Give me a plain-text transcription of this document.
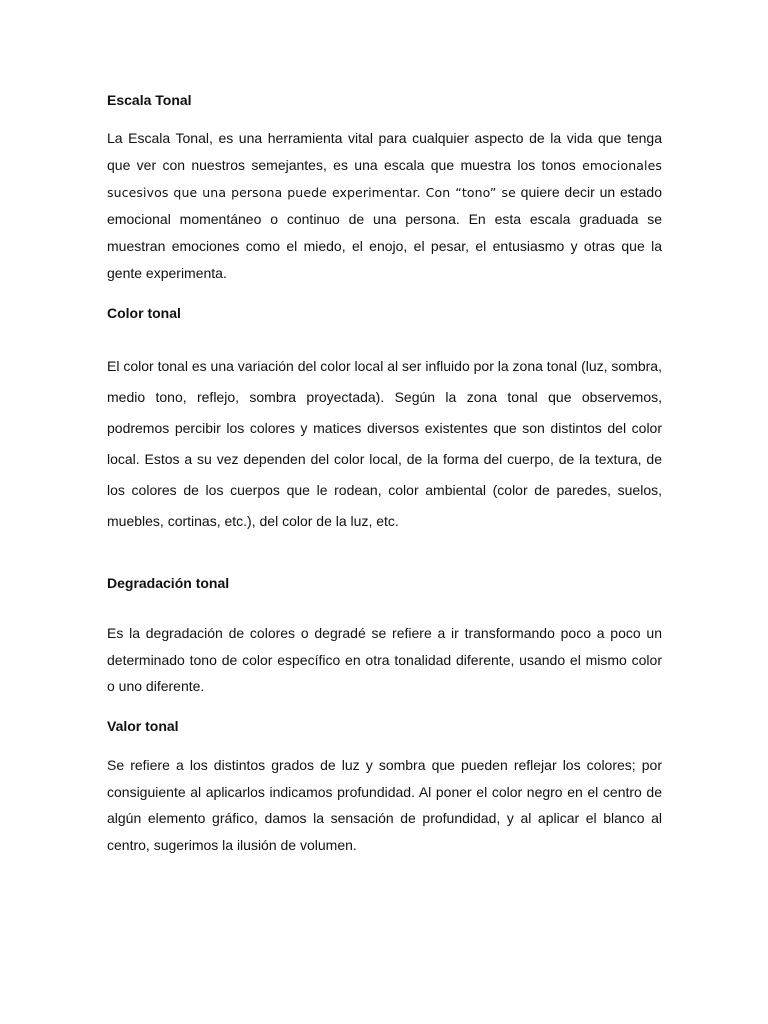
Escala Tonal

La Escala Tonal, es una herramienta vital para cualquier aspecto de la vida que tenga que ver con nuestros semejantes, es una escala que muestra los tonos emocionales sucesivos que una persona puede experimentar. Con “tono” se quiere decir un estado emocional momentáneo o continuo de una persona. En esta escala graduada se muestran emociones como el miedo, el enojo, el pesar, el entusiasmo y otras que la gente experimenta.

Color tonal

El color tonal es una variación del color local al ser influido por la zona tonal (luz, sombra, medio tono, reflejo, sombra proyectada). Según la zona tonal que observemos, podremos percibir los colores y matices diversos existentes que son distintos del color local. Estos a su vez dependen del color local, de la forma del cuerpo, de la textura, de los colores de los cuerpos que le rodean, color ambiental (color de paredes, suelos, muebles, cortinas, etc.), del color de la luz, etc.

Degradación tonal

Es la degradación de colores o degradé se refiere a ir transformando poco a poco un determinado tono de color específico en otra tonalidad diferente, usando el mismo color o uno diferente.

Valor tonal

Se refiere a los distintos grados de luz y sombra que pueden reflejar los colores; por consiguiente al aplicarlos indicamos profundidad. Al poner el color negro en el centro de algún elemento gráfico, damos la sensación de profundidad, y al aplicar el blanco al centro, sugerimos la ilusión de volumen.
